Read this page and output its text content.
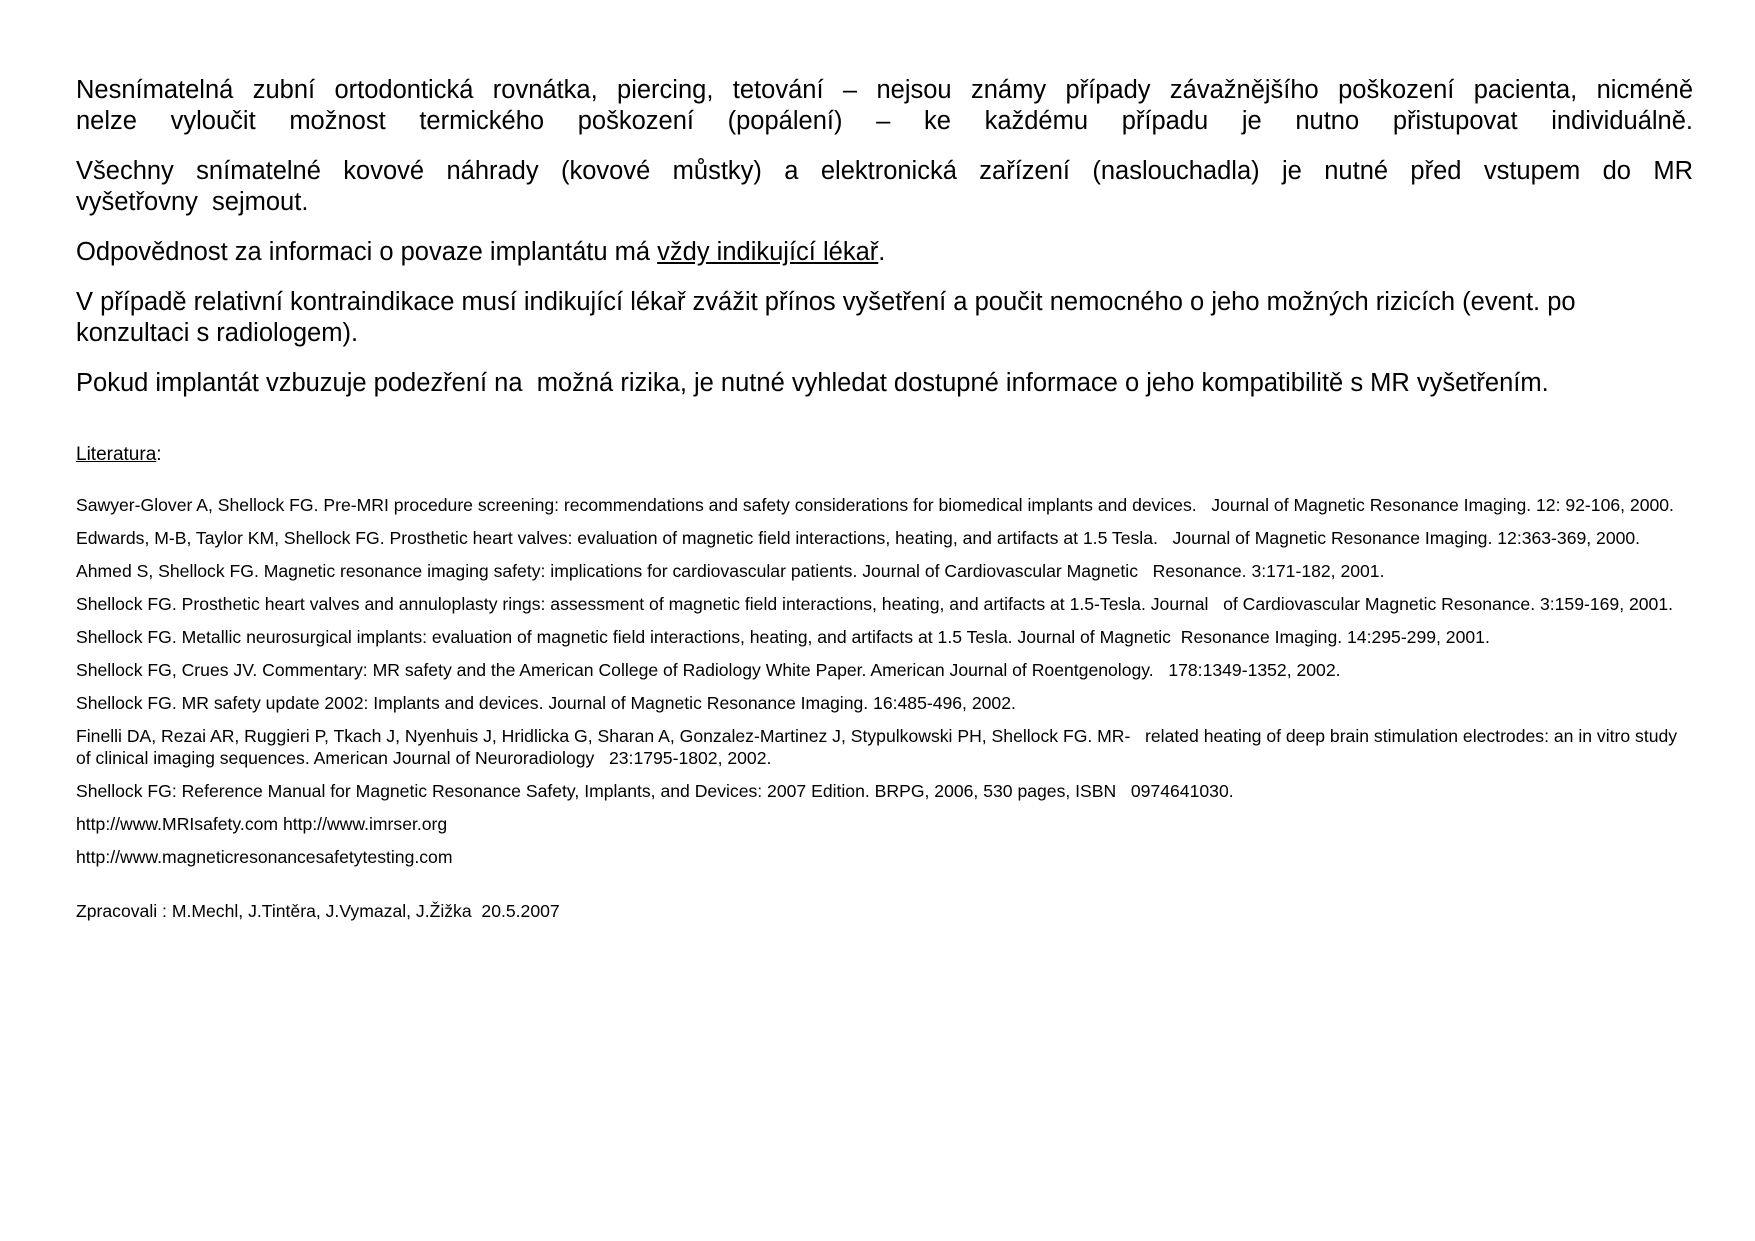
Nesnímatelná zubní ortodontická rovnátka, piercing, tetování – nejsou známy případy závažnějšího poškození pacienta, nicméně
nelze  vyloučit  možnost  termického  poškození  (popálení)  –  ke  každému  případu  je  nutno  přistupovat  individuálně.

Všechny  snímatelné  kovové  náhrady  (kovové  můstky)  a  elektronická  zařízení  (naslouchadla)  je  nutné  před  vstupem  do  MR
vyšetřovny  sejmout.

Odpovědnost za informaci o povaze implantátu má vždy indikující lékař.

V případě relativní kontraindikace musí indikující lékař zvážit přínos vyšetření a poučit nemocného o jeho možných rizicích (event. po konzultaci s radiologem).

Pokud implantát vzbuzuje podezření na  možná rizika, je nutné vyhledat dostupné informace o jeho kompatibilitě s MR vyšetřením.

Literatura:

Sawyer-Glover A, Shellock FG. Pre-MRI procedure screening: recommendations and safety considerations for biomedical implants and devices.   Journal of Magnetic Resonance Imaging. 12: 92-106, 2000.

Edwards, M-B, Taylor KM, Shellock FG. Prosthetic heart valves: evaluation of magnetic field interactions, heating, and artifacts at 1.5 Tesla.   Journal of Magnetic Resonance Imaging. 12:363-369, 2000.

Ahmed S, Shellock FG. Magnetic resonance imaging safety: implications for cardiovascular patients. Journal of Cardiovascular Magnetic   Resonance. 3:171-182, 2001.

Shellock FG. Prosthetic heart valves and annuloplasty rings: assessment of magnetic field interactions, heating, and artifacts at 1.5-Tesla. Journal   of Cardiovascular Magnetic Resonance. 3:159-169, 2001.

Shellock FG. Metallic neurosurgical implants: evaluation of magnetic field interactions, heating, and artifacts at 1.5 Tesla. Journal of Magnetic  Resonance Imaging. 14:295-299, 2001.

Shellock FG, Crues JV. Commentary: MR safety and the American College of Radiology White Paper. American Journal of Roentgenology.   178:1349-1352, 2002.

Shellock FG. MR safety update 2002: Implants and devices. Journal of Magnetic Resonance Imaging. 16:485-496, 2002.

Finelli DA, Rezai AR, Ruggieri P, Tkach J, Nyenhuis J, Hridlicka G, Sharan A, Gonzalez-Martinez J, Stypulkowski PH, Shellock FG. MR-   related heating of deep brain stimulation electrodes: an in vitro study of clinical imaging sequences. American Journal of Neuroradiology   23:1795-1802, 2002.

Shellock FG: Reference Manual for Magnetic Resonance Safety, Implants, and Devices: 2007 Edition. BRPG, 2006, 530 pages, ISBN   0974641030.

http://www.MRIsafety.com http://www.imrser.org

http://www.magneticresonancesafetytesting.com

Zpracovali : M.Mechl, J.Tintěra, J.Vymazal, J.Žižka  20.5.2007
